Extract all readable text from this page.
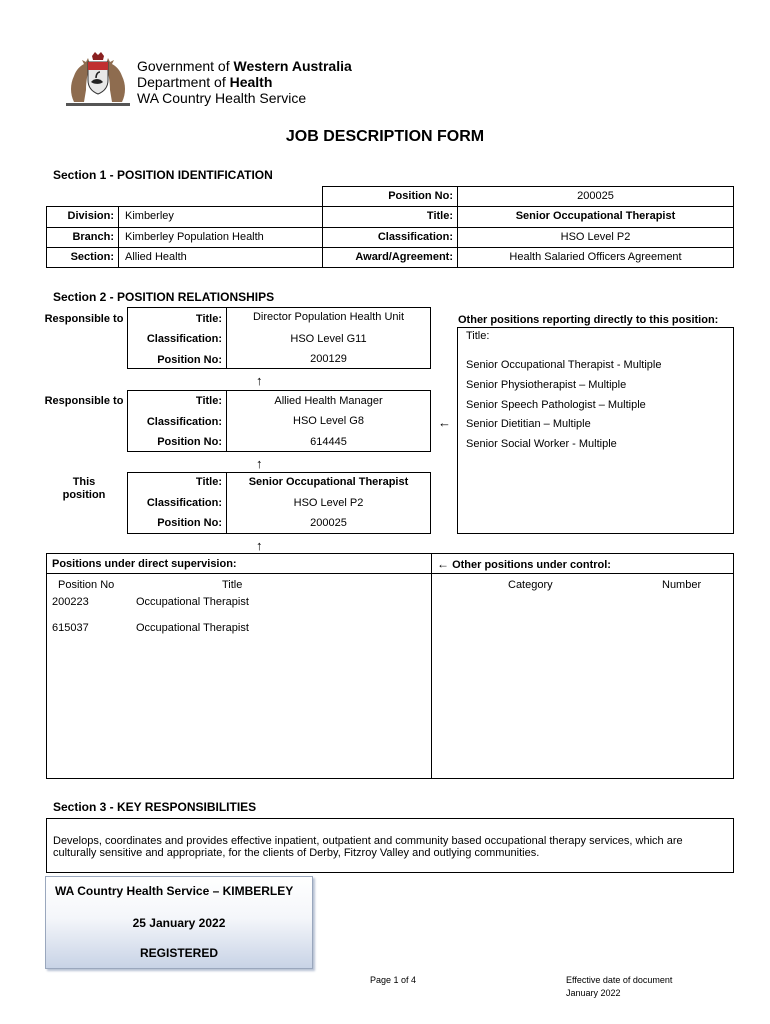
Government of Western Australia
Department of Health
WA Country Health Service
JOB DESCRIPTION FORM
Section 1 - POSITION IDENTIFICATION
Position No:	200025
Division: Kimberley	Title:	Senior Occupational Therapist
Branch: Kimberley Population Health	Classification:	HSO Level P2
Section: Allied Health	Award/Agreement:	Health Salaried Officers Agreement
Section 2 - POSITION RELATIONSHIPS
Responsible to
Responsible to
This position
Title:	Director Population Health Unit
Classification:	HSO Level G11
Position No:	200129
↑
Title:	Allied Health Manager
Classification:	HSO Level G8
Position No:	614445
←
↑
Title:	Senior Occupational Therapist
Classification:	HSO Level P2
Position No:	200025
↑
Other positions reporting directly to this position:
Title:
Senior Occupational Therapist - Multiple
Senior Physiotherapist – Multiple
Senior Speech Pathologist – Multiple
Senior Dietitian – Multiple
Senior Social Worker - Multiple
Positions under direct supervision:	← Other positions under control:
Position No	Title
200223	Occupational Therapist
615037	Occupational Therapist
Category	Number
Section 3 - KEY RESPONSIBILITIES
Develops, coordinates and provides effective inpatient, outpatient and community based occupational therapy services, which are
culturally sensitive and appropriate, for the clients of Derby, Fitzroy Valley and outlying communities.
WA Country Health Service – KIMBERLEY
25 January 2022
REGISTERED
Page 1 of 4	Effective date of document
January 2022
